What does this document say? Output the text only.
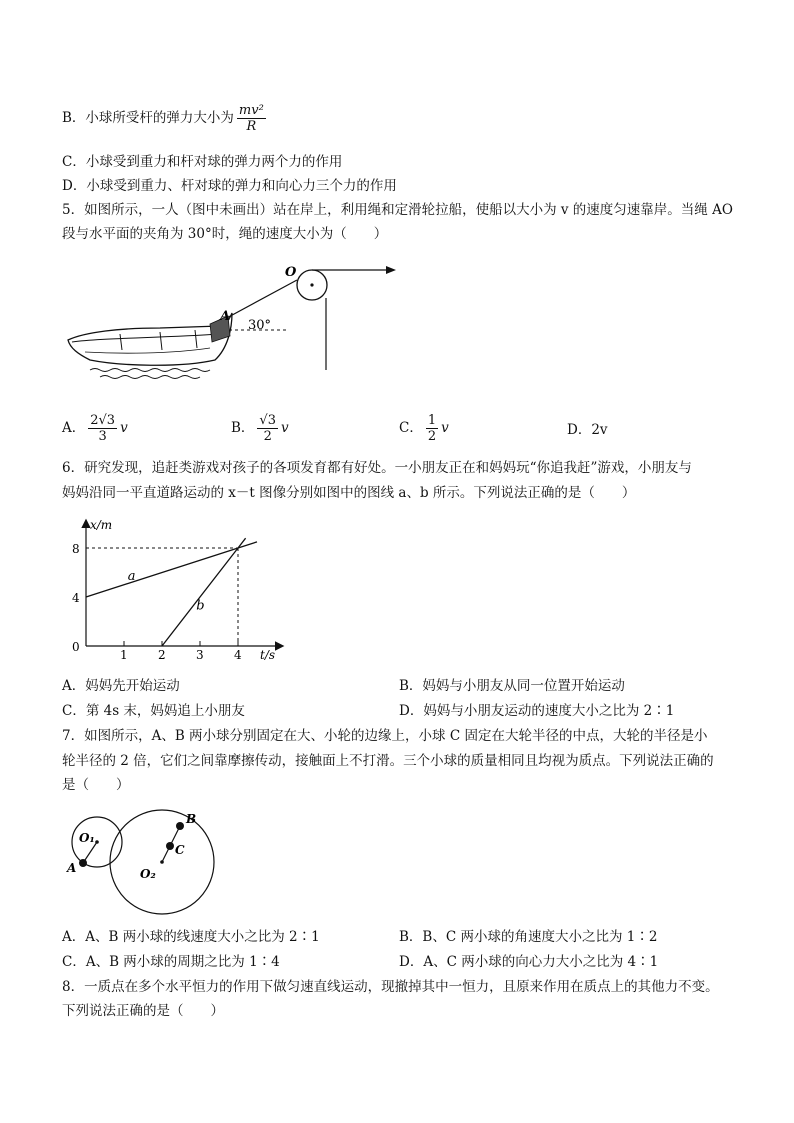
B．小球所受杆的弹力大小为 $\frac{\text{mv²}}{R}$
C．小球受到重力和杆对球的弹力两个力的作用
D．小球受到重力、杆对球的弹力和向心力三个力的作用
5．如图所示，一人（图中未画出）站在岸上，利用绳和定滑轮拉船，使船以大小为 v 的速度匀速靠岸。当绳 AO
段与水平面的夹角为 30°时，绳的速度大小为（　　）
O
A
30°
A． $\frac{2√3}{3}$ v	B． $\frac{√3}{2}$ v	C． $\frac{1}{2}$ v	D．2v
6．研究发现，追赶类游戏对孩子的各项发育都有好处。一小朋友正在和妈妈玩“你追我赶”游戏，小朋友与
妈妈沿同一平直道路运动的 x－t 图像分别如图中的图线 a、b 所示。下列说法正确的是（　　）
t/s
x/m
1	2	3	4
0
4
8
a
b
A．妈妈先开始运动	B．妈妈与小朋友从同一位置开始运动
C．第 4s 末，妈妈追上小朋友	D．妈妈与小朋友运动的速度大小之比为 2∶1
7．如图所示，A、B 两小球分别固定在大、小轮的边缘上，小球 C 固定在大轮半径的中点，大轮的半径是小
轮半径的 2 倍，它们之间靠摩擦传动，接触面上不打滑。三个小球的质量相同且均视为质点。下列说法正确的
是（　　）
O₁
A
B
C
O₂
A．A、B 两小球的线速度大小之比为 2∶1	B．B、C 两小球的角速度大小之比为 1∶2
C．A、B 两小球的周期之比为 1∶4	D．A、C 两小球的向心力大小之比为 4∶1
8．一质点在多个水平恒力的作用下做匀速直线运动，现撤掉其中一恒力，且原来作用在质点上的其他力不变。
下列说法正确的是（　　）
